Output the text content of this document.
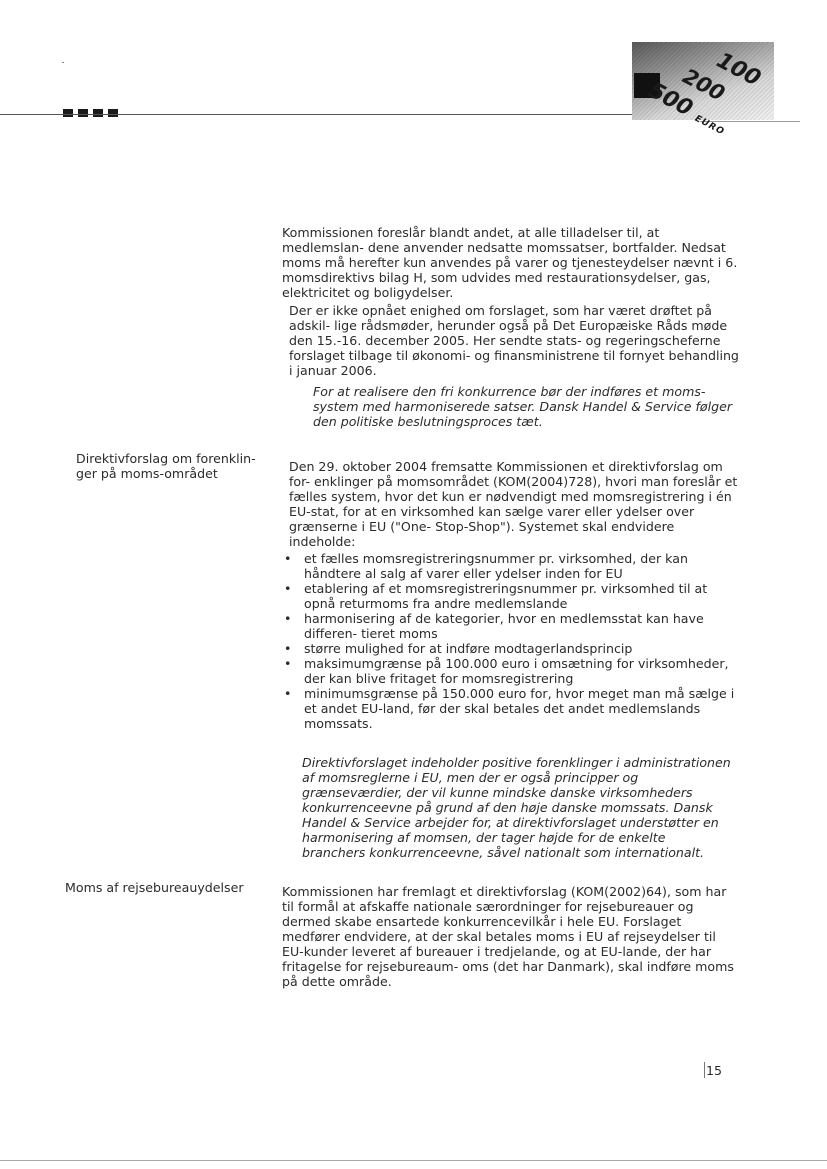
100
200
500 EURO

Kommissionen foreslår blandt andet, at alle tilladelser til, at medlemslan- dene anvender nedsatte momssatser, bortfalder. Nedsat moms må herefter kun anvendes på varer og tjenesteydelser nævnt i 6. momsdirektivs bilag H, som udvides med restaurationsydelser, gas, elektricitet og boligydelser.

Der er ikke opnået enighed om forslaget, som har været drøftet på adskil- lige rådsmøder, herunder også på Det Europæiske Råds møde den 15.-16. december 2005. Her sendte stats- og regeringscheferne forslaget tilbage til økonomi- og finansministrene til fornyet behandling i januar 2006.

For at realisere den fri konkurrence bør der indføres et moms-system med harmoniserede satser. Dansk Handel & Service følger den politiske beslutningsproces tæt.

Direktivforslag om forenklin- ger på moms-området	Den 29. oktober 2004 fremsatte Kommissionen et direktivforslag om for- enklinger på momsområdet (KOM(2004)728), hvori man foreslår et fælles system, hvor det kun er nødvendigt med momsregistrering i én EU-stat, for at en virksomhed kan sælge varer eller ydelser over grænserne i EU ("One- Stop-Shop"). Systemet skal endvidere indeholde:

• et fælles momsregistreringsnummer pr. virksomhed, der kan håndtere al salg af varer eller ydelser inden for EU
• etablering af et momsregistreringsnummer pr. virksomhed til at opnå returmoms fra andre medlemslande
• harmonisering af de kategorier, hvor en medlemsstat kan have differen- tieret moms
• større mulighed for at indføre modtagerlandsprincip
• maksimumgrænse på 100.000 euro i omsætning for virksomheder, der kan blive fritaget for momsregistrering
• minimumsgrænse på 150.000 euro for, hvor meget man må sælge i et andet EU-land, før der skal betales det andet medlemslands momssats.

Direktivforslaget indeholder positive forenklinger i administrationen af momsreglerne i EU, men der er også principper og grænseværdier, der vil kunne mindske danske virksomheders konkurrenceevne på grund af den høje danske momssats. Dansk Handel & Service arbejder for, at direktivforslaget understøtter en harmonisering af momsen, der tager højde for de enkelte branchers konkurrenceevne, såvel nationalt som internationalt.

Moms af rejsebureauydelser	Kommissionen har fremlagt et direktivforslag (KOM(2002)64), som har til formål at afskaffe nationale særordninger for rejsebureauer og dermed skabe ensartede konkurrencevilkår i hele EU. Forslaget medfører endvidere, at der skal betales moms i EU af rejseydelser til EU-kunder leveret af bureauer i tredjelande, og at EU-lande, der har fritagelse for rejsebureaum- oms (det har Danmark), skal indføre moms på dette område.

15
